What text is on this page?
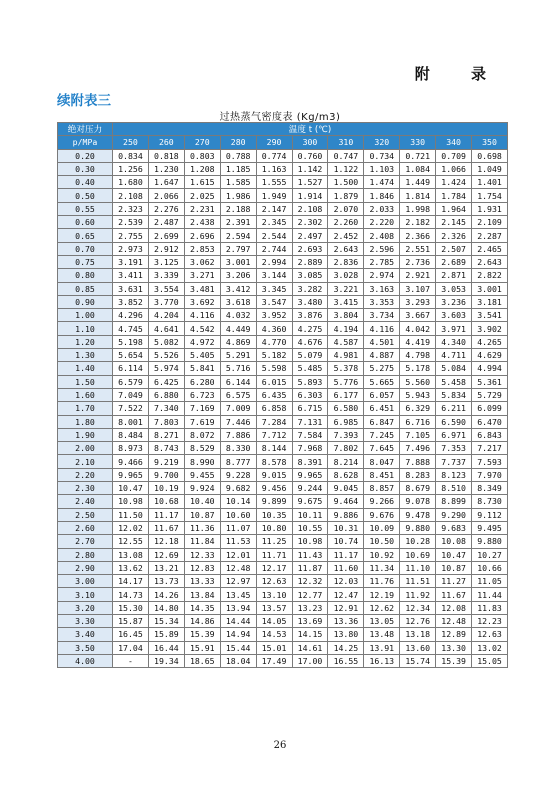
附 录
续附表三
过热蒸气密度表 (Kg/m3)
绝对压力	温度 t (℃)										
p/MPa	250	260	270	280	290	300	310	320	330	340	350
0.20	0.834	0.818	0.803	0.788	0.774	0.760	0.747	0.734	0.721	0.709	0.698
0.30	1.256	1.230	1.208	1.185	1.163	1.142	1.122	1.103	1.084	1.066	1.049
0.40	1.680	1.647	1.615	1.585	1.555	1.527	1.500	1.474	1.449	1.424	1.401
0.50	2.108	2.066	2.025	1.986	1.949	1.914	1.879	1.846	1.814	1.784	1.754
0.55	2.323	2.276	2.231	2.188	2.147	2.108	2.070	2.033	1.998	1.964	1.931
0.60	2.539	2.487	2.438	2.391	2.345	2.302	2.260	2.220	2.182	2.145	2.109
0.65	2.755	2.699	2.696	2.594	2.544	2.497	2.452	2.408	2.366	2.326	2.287
0.70	2.973	2.912	2.853	2.797	2.744	2.693	2.643	2.596	2.551	2.507	2.465
0.75	3.191	3.125	3.062	3.001	2.994	2.889	2.836	2.785	2.736	2.689	2.643
0.80	3.411	3.339	3.271	3.206	3.144	3.085	3.028	2.974	2.921	2.871	2.822
0.85	3.631	3.554	3.481	3.412	3.345	3.282	3.221	3.163	3.107	3.053	3.001
0.90	3.852	3.770	3.692	3.618	3.547	3.480	3.415	3.353	3.293	3.236	3.181
1.00	4.296	4.204	4.116	4.032	3.952	3.876	3.804	3.734	3.667	3.603	3.541
1.10	4.745	4.641	4.542	4.449	4.360	4.275	4.194	4.116	4.042	3.971	3.902
1.20	5.198	5.082	4.972	4.869	4.770	4.676	4.587	4.501	4.419	4.340	4.265
1.30	5.654	5.526	5.405	5.291	5.182	5.079	4.981	4.887	4.798	4.711	4.629
1.40	6.114	5.974	5.841	5.716	5.598	5.485	5.378	5.275	5.178	5.084	4.994
1.50	6.579	6.425	6.280	6.144	6.015	5.893	5.776	5.665	5.560	5.458	5.361
1.60	7.049	6.880	6.723	6.575	6.435	6.303	6.177	6.057	5.943	5.834	5.729
1.70	7.522	7.340	7.169	7.009	6.858	6.715	6.580	6.451	6.329	6.211	6.099
1.80	8.001	7.803	7.619	7.446	7.284	7.131	6.985	6.847	6.716	6.590	6.470
1.90	8.484	8.271	8.072	7.886	7.712	7.584	7.393	7.245	7.105	6.971	6.843
2.00	8.973	8.743	8.529	8.330	8.144	7.968	7.802	7.645	7.496	7.353	7.217
2.10	9.466	9.219	8.990	8.777	8.578	8.391	8.214	8.047	7.888	7.737	7.593
2.20	9.965	9.700	9.455	9.228	9.015	9.965	8.628	8.451	8.283	8.123	7.970
2.30	10.47	10.19	9.924	9.682	9.456	9.244	9.045	8.857	8.679	8.510	8.349
2.40	10.98	10.68	10.40	10.14	9.899	9.675	9.464	9.266	9.078	8.899	8.730
2.50	11.50	11.17	10.87	10.60	10.35	10.11	9.886	9.676	9.478	9.290	9.112
2.60	12.02	11.67	11.36	11.07	10.80	10.55	10.31	10.09	9.880	9.683	9.495
2.70	12.55	12.18	11.84	11.53	11.25	10.98	10.74	10.50	10.28	10.08	9.880
2.80	13.08	12.69	12.33	12.01	11.71	11.43	11.17	10.92	10.69	10.47	10.27
2.90	13.62	13.21	12.83	12.48	12.17	11.87	11.60	11.34	11.10	10.87	10.66
3.00	14.17	13.73	13.33	12.97	12.63	12.32	12.03	11.76	11.51	11.27	11.05
3.10	14.73	14.26	13.84	13.45	13.10	12.77	12.47	12.19	11.92	11.67	11.44
3.20	15.30	14.80	14.35	13.94	13.57	13.23	12.91	12.62	12.34	12.08	11.83
3.30	15.87	15.34	14.86	14.44	14.05	13.69	13.36	13.05	12.76	12.48	12.23
3.40	16.45	15.89	15.39	14.94	14.53	14.15	13.80	13.48	13.18	12.89	12.63
3.50	17.04	16.44	15.91	15.44	15.01	14.61	14.25	13.91	13.60	13.30	13.02
4.00	-	19.34	18.65	18.04	17.49	17.00	16.55	16.13	15.74	15.39	15.05
26
